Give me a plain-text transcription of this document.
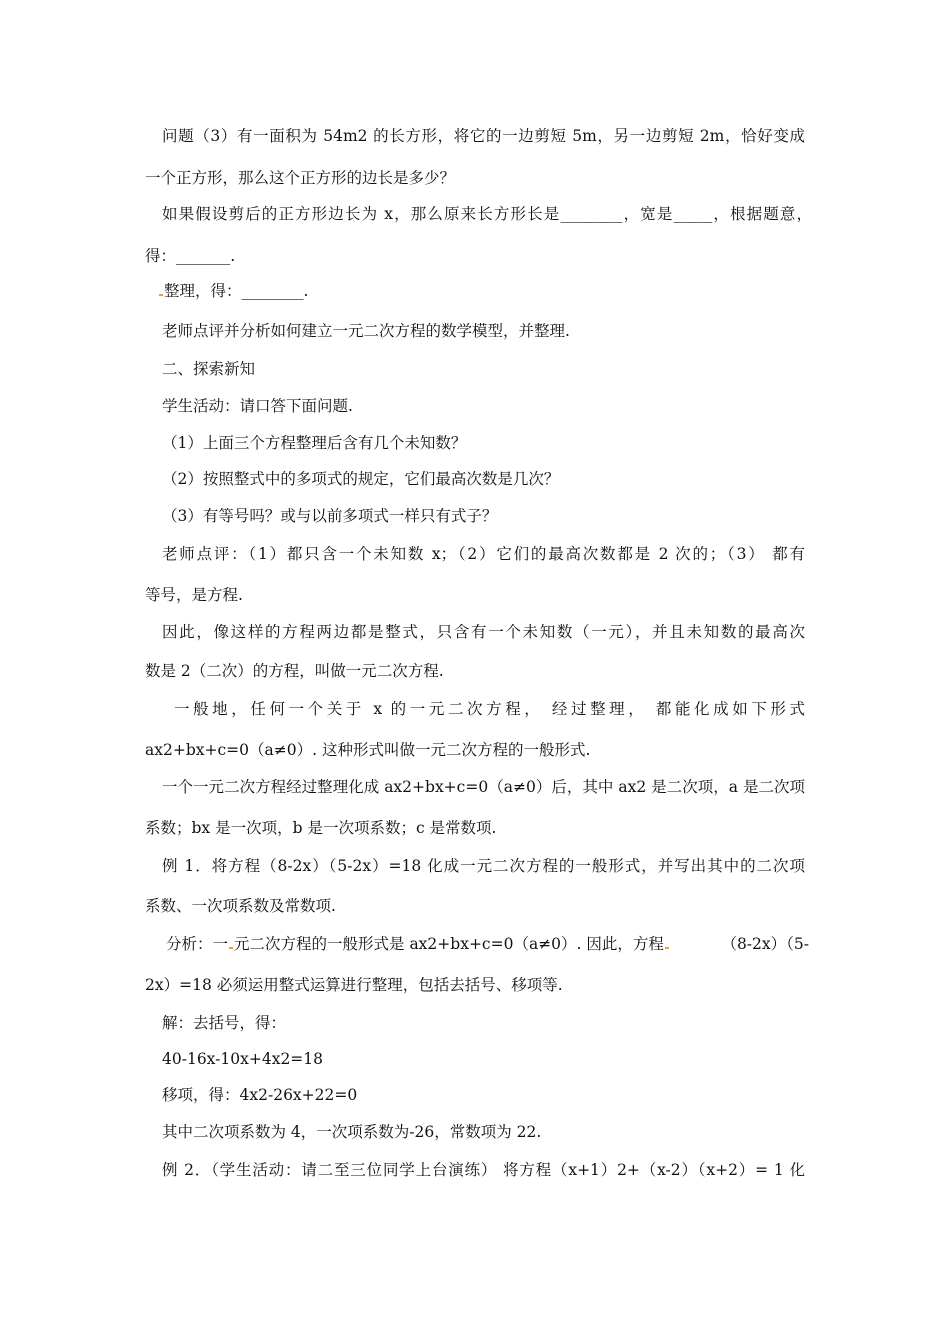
问题（3）有一面积为 54m2 的长方形，将它的一边剪短 5m，另一边剪短 2m，恰好变成
一个正方形，那么这个正方形的边长是多少？
如果假设剪后的正方形边长为 x，那么原来长方形长是________，宽是_____，根据题意，
得：_______.
整理，得：________.
老师点评并分析如何建立一元二次方程的数学模型，并整理.
二、探索新知
学生活动：请口答下面问题.
（1）上面三个方程整理后含有几个未知数？
（2）按照整式中的多项式的规定，它们最高次数是几次？
（3）有等号吗？或与以前多项式一样只有式子？
老师点评：（1）都只含一个未知数 x；（2）它们的最高次数都是 2 次的；（3） 都有
等号，是方程.
因此，像这样的方程两边都是整式，只含有一个未知数（一元），并且未知数的最高次
数是 2（二次）的方程，叫做一元二次方程.
一般地，任何一个关于 x 的一元二次方程， 经过整理， 都能化成如下形式
ax2+bx+c=0（a≠0）. 这种形式叫做一元二次方程的一般形式.
一个一元二次方程经过整理化成 ax2+bx+c=0（a≠0）后，其中 ax2 是二次项，a 是二次项
系数；bx 是一次项，b 是一次项系数；c 是常数项.
例 1．将方程（8-2x）（5-2x）=18 化成一元二次方程的一般形式，并写出其中的二次项
系数、一次项系数及常数项.
分析：一 元二次方程的一般形式是 ax2+bx+c=0（a≠0）. 因此，方程	（8-2x）（5-
2x）=18 必须运用整式运算进行整理，包括去括号、移项等.
解：去括号，得：
40-16x-10x+4x2=18
移项，得：4x2-26x+22=0
其中二次项系数为 4，一次项系数为-26，常数项为 22.
例 2．（学生活动：请二至三位同学上台演练） 将方程（x+1）2+（x-2）（x+2）= 1 化
